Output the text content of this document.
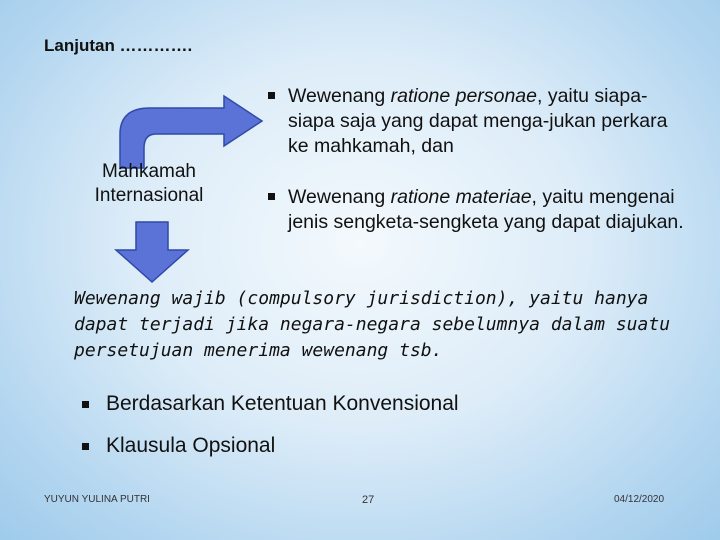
Lanjutan ………….
Mahkamah
Internasional
Wewenang ratione personae, yaitu siapa-siapa saja yang dapat menga-jukan perkara ke mahkamah, dan
Wewenang ratione materiae, yaitu mengenai jenis sengketa-sengketa yang dapat diajukan.
Wewenang wajib (compulsory jurisdiction), yaitu hanya dapat terjadi jika negara-negara sebelumnya dalam suatu persetujuan menerima wewenang tsb.
Berdasarkan Ketentuan Konvensional
Klausula Opsional
YUYUN YULINA PUTRI	27	04/12/2020
